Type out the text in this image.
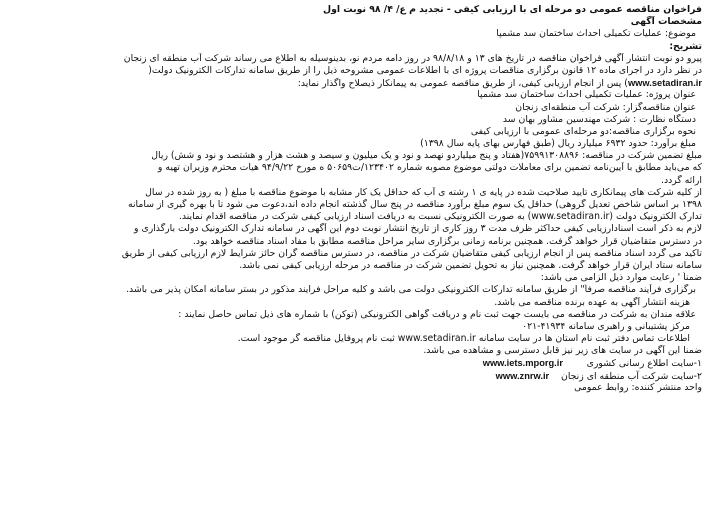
فراخوان مناقصه عمومی دو مرحله ای با ارزیابی کیفی - تجدید م ع/ ۴/ ۹۸ نوبت اول
مشخصات آگهی
موضوع: عملیات تکمیلی احداث ساختمان سد مشمپا
تشریح:
پیرو دو نوبت انتشار آگهی فراخوان مناقصه در تاریخ های ۱۳ و ۹۸/۸/۱۸ در روز دامه مردم نو، بدینوسیله به اطلاع می رساند شرکت آب منطقه ای زنجان
در نظر دارد در اجرای ماده ۱۲ قانون برگزاری مناقصات پروژه ای با اطلاعات عمومی مشروحه ذیل را از طریق سامانه تدارکات الکترونیک دولت(
www.setadiran.ir) پس از انجام ارزیابی کیفی، از طریق مناقصه عمومی به پیمانکار ذیصلاح واگذار نماید:
عنوان پروژه: عملیات تکمیلی احداث ساختمان سد مشمپا
عنوان مناقصه‌گزار: شرکت آب منطقه‌ای زنجان
دستگاه نظارت : شرکت مهندسین مشاور بهان سد
نحوه برگزاری مناقصه:دو مرحله‌ای عمومی با ارزیابی کیفی
مبلغ برآورد: حدود ۶۹۳۲ میلیارد ریال (طبق فهارس بهای پایه سال ۱۳۹۸)
مبلغ تضمین شرکت در مناقصه: ۷۵۹۹۱۳۰۸۸۹۶(هفتاد و پنج میلیاردو نهصد و نود و یک میلیون و سیصد و هشت هزار و هشتصد و نود و شش) ریال
که می‌باید مطابق با آیین‌نامه تضمین برای معاملات دولتی موضوع مصوبه شماره ۱۲۳۴۰۲/ت۵۰۶۵۹ ه مورخ ۹۴/۹/۲۲ هیات محترم وزیران تهیه و
ارائه گردد.
از کلیه شرکت های پیمانکاری تایید صلاحیت شده در پایه ی ۱ رشته ی آب که حداقل یک کار مشابه با موضوع مناقصه با مبلغ ( به روز شده در سال
۱۳۹۸ بر اساس شاخص تعدیل گروهی) حداقل یک سوم مبلغ برآورد مناقصه در پنج سال گذشته انجام داده اند،دعوت می شود تا با بهره گیری از سامانه
تدارک الکترونیک دولت (www.setadiran.ir) به صورت الکترونیکی نسبت به دریافت اسناد ارزیابی کیفی شرکت در مناقصه اقدام نمایند.
لازم به ذکر است اسنادارزیابی کیفی حداکثر ظرف مدت ۳ روز کاری از تاریخ انتشار نوبت دوم این آگهی در سامانه تدارک الکترونیک دولت بارگذاری و
در دسترس متقاضیان قرار خواهد گرفت. همچنین برنامه زمانی برگزاری سایر مراحل مناقصه مطابق با مفاد اسناد مناقصه خواهد بود.
تاکید می گردد اسناد مناقصه پس از انجام ارزیابی کیفی متقاضیان شرکت در مناقصه، در دسترس مناقصه گران حائز شرایط لازم ارزیابی کیفی از طریق
سامانه ستاد ایران قرار خواهد گرفت. همچنین نیاز به تحویل تضمین شرکت در مناقصه در مرحله ارزیابی کیفی نمی باشد.
ضمناً ' رعایت موارد ذیل الزامی می باشد:
برگزاری فرآیند مناقصه صرفاً" از طریق سامانه تدارکات الکترونیکی دولت می باشد و کلیه مراحل فرایند مذکور در بستر سامانه امکان پذیر می باشد.
هزینه انتشار آگهی به عهده برنده مناقصه می باشد.
علاقه مندان به شرکت در مناقصه می بایست جهت ثبت نام و دریافت گواهی الکترونیکی (توکن) با شماره های ذیل تماس حاصل نمایند :
مرکز پشتیبانی و راهبری سامانه ۴۱۹۳۴-۰۲۱
اطلاعات تماس دفتر ثبت نام استان ها در سایت سامانه www.setadiran.ir ثبت نام پروفایل مناقصه گر موجود است.
ضمنا این آگهی در سایت های زیر نیز قابل دسترسی و مشاهده می باشد.
۱-سایت اطلاع رسانی کشوری        www.iets.mporg.ir
۲-سایت شرکت آب منطقه ای زنجان    www.znrw.ir
واحد منتشر کننده: روابط عمومی
